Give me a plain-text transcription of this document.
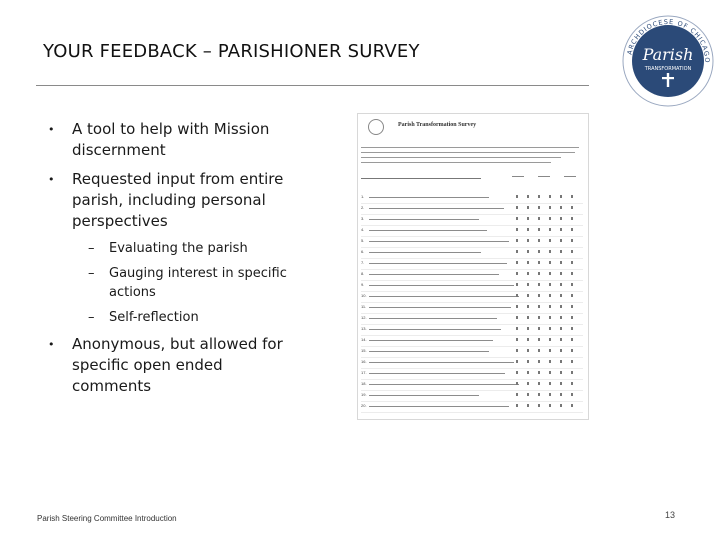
YOUR FEEDBACK – PARISHIONER SURVEY	ARCHDIOCESE OF CHICAGO
Parish
TRANSFORMATION
• A tool to help with Mission discernment
• Requested input from entire parish, including personal perspectives
– Evaluating the parish
– Gauging interest in specific actions
– Self-reflection
• Anonymous, but allowed for specific open ended comments
Parish Transformation Survey
1.
2.
3.
4.
5.
6.
7.
8.
9.
10.
11.
12.
13.
14.
15.
16.
17.
18.
19.
20.
Parish Steering Committee Introduction	13
